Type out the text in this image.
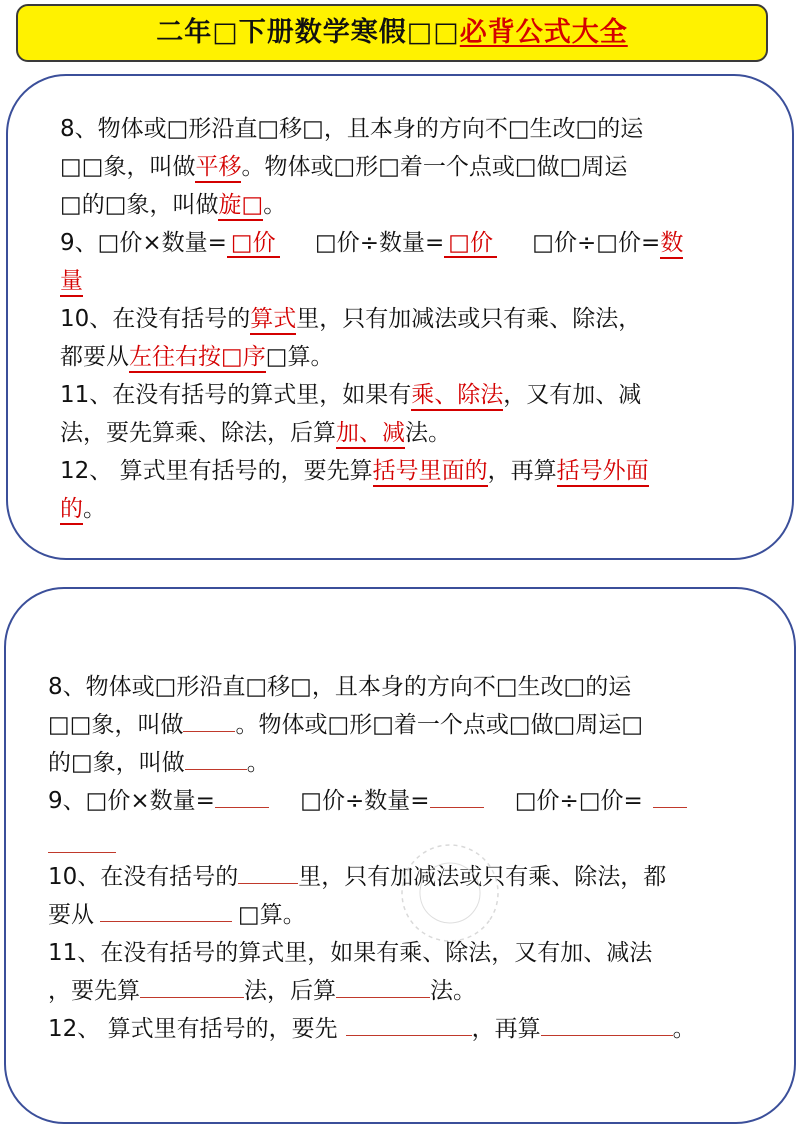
二年□下册数学寒假□□必背公式大全
8、物体或□形沿直□移□，且本身的方向不□生改□的运
□□象，叫做平移。物体或□形□着一个点或□做□周运
□的□象，叫做旋□。
9、□价×数量= □价 □价÷数量= □价 □价÷□价=数
量
10、在没有括号的算式里，只有加减法或只有乘、除法，
都要从左往右按□序□算。
11、在没有括号的算式里，如果有乘、除法，又有加、减
法，要先算乘、除法，后算加、减法。
12、 算式里有括号的，要先算括号里面的，再算括号外面
的。
8、物体或□形沿直□移□，且本身的方向不□生改□的运
□□象，叫做 。物体或□形□着一个点或□做□周运□
的□象，叫做	。
9、□价×数量=	□价÷数量=	□价÷□价=
10、在没有括号的	里，只有加减法或只有乘、除法，都
要从	□算。
11、在没有括号的算式里，如果有乘、除法，又有加、减法
，要先算	法，后算	法。
12、 算式里有括号的，要先	，再算	。
